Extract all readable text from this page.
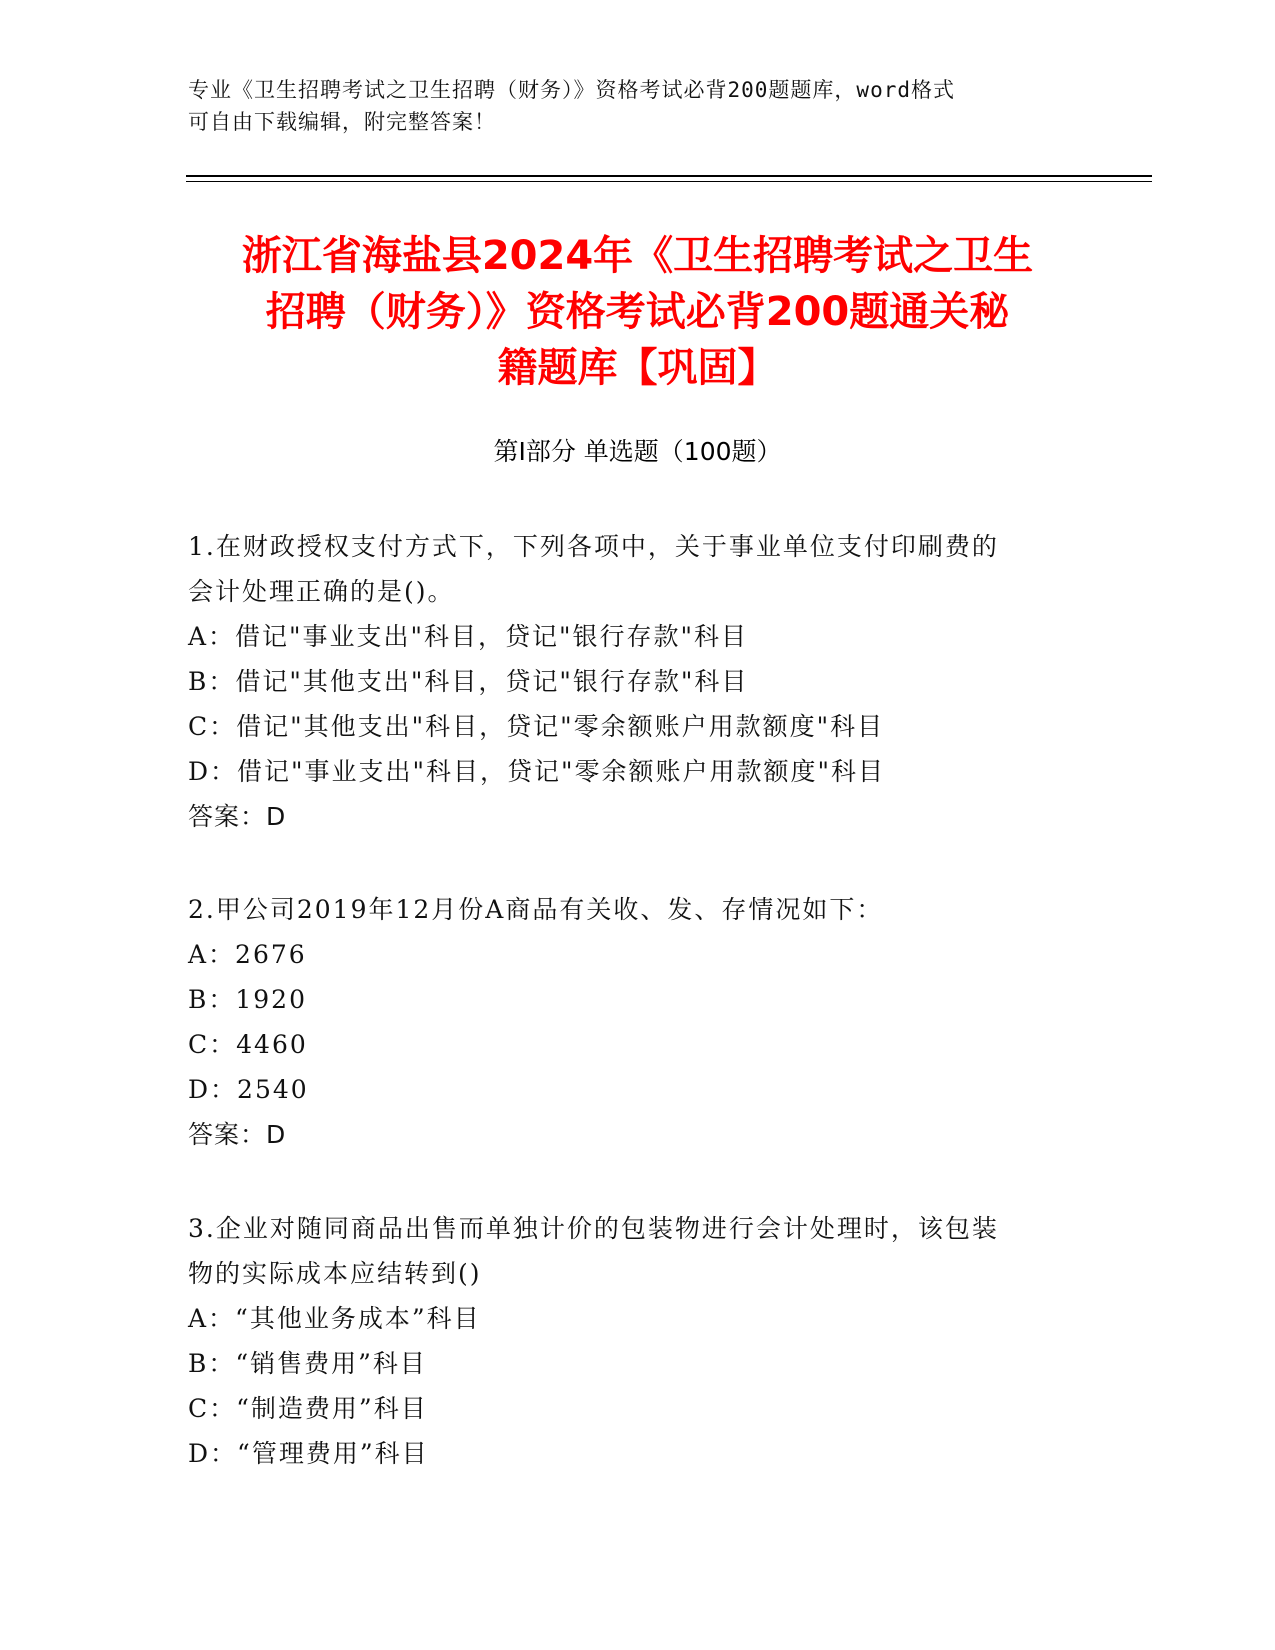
专业《卫生招聘考试之卫生招聘（财务）》资格考试必背200题题库，word格式
可自由下载编辑，附完整答案！
浙江省海盐县2024年《卫生招聘考试之卫生
招聘（财务）》资格考试必背200题通关秘
籍题库【巩固】
第I部分 单选题（100题）
1.在财政授权支付方式下，下列各项中，关于事业单位支付印刷费的
会计处理正确的是()。
A：借记"事业支出"科目，贷记"银行存款"科目
B：借记"其他支出"科目，贷记"银行存款"科目
C：借记"其他支出"科目，贷记"零余额账户用款额度"科目
D：借记"事业支出"科目，贷记"零余额账户用款额度"科目
答案：D
2.甲公司2019年12月份A商品有关收、发、存情况如下：
A：2676
B：1920
C：4460
D：2540
答案：D
3.企业对随同商品出售而单独计价的包装物进行会计处理时，该包装
物的实际成本应结转到()
A：“其他业务成本”科目
B：“销售费用”科目
C：“制造费用”科目
D：“管理费用”科目
